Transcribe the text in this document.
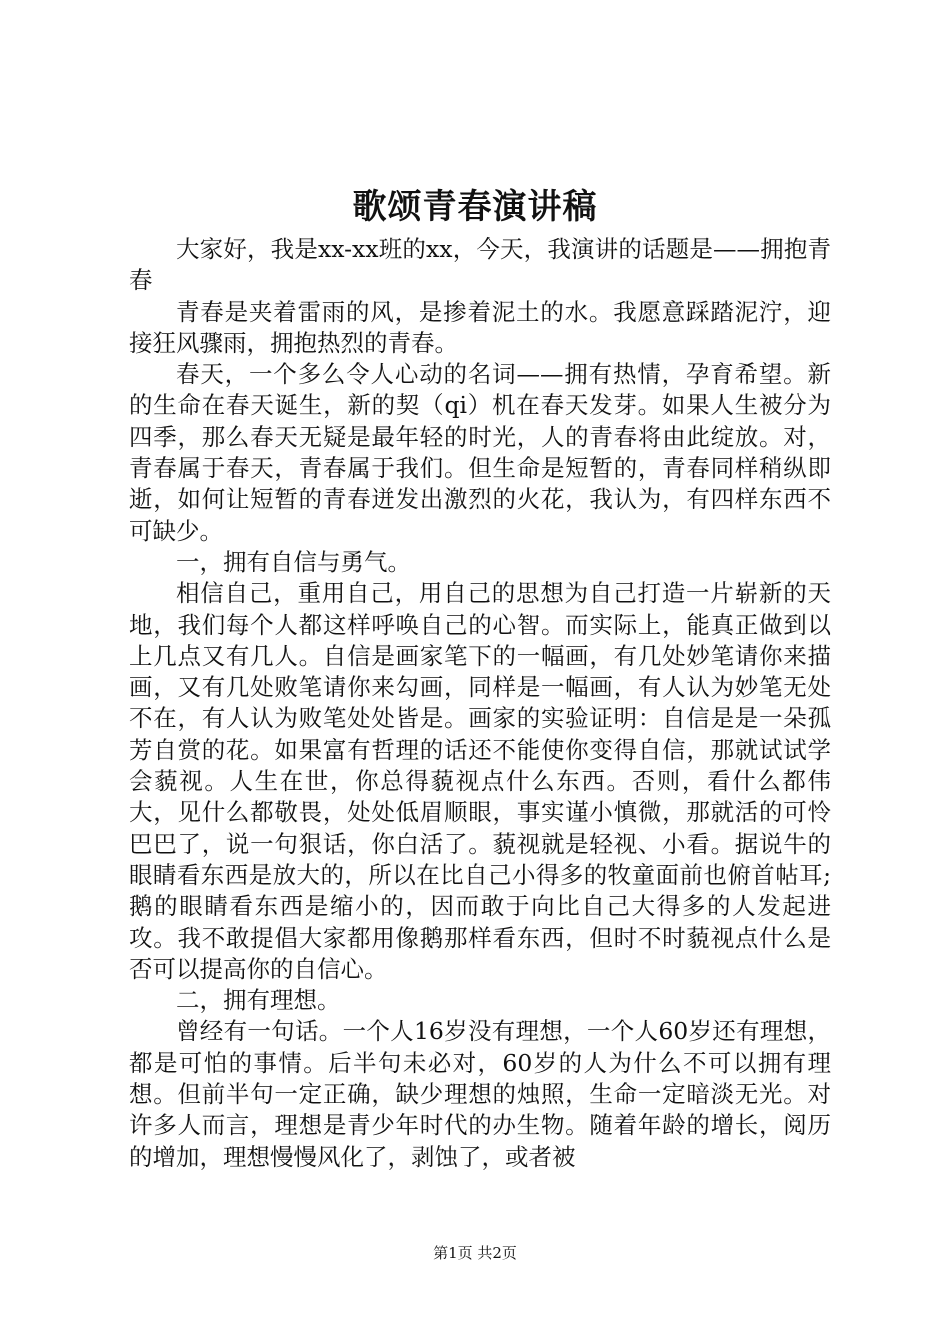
歌颂青春演讲稿

大家好，我是xx-xx班的xx，今天，我演讲的话题是——拥抱青春

青春是夹着雷雨的风，是掺着泥土的水。我愿意踩踏泥泞，迎接狂风骤雨，拥抱热烈的青春。

春天，一个多么令人心动的名词——拥有热情，孕育希望。新的生命在春天诞生，新的契（qi）机在春天发芽。如果人生被分为四季，那么春天无疑是最年轻的时光，人的青春将由此绽放。对，青春属于春天，青春属于我们。但生命是短暂的，青春同样稍纵即逝，如何让短暂的青春迸发出激烈的火花，我认为，有四样东西不可缺少。

一，拥有自信与勇气。

相信自己，重用自己，用自己的思想为自己打造一片崭新的天地，我们每个人都这样呼唤自己的心智。而实际上，能真正做到以上几点又有几人。自信是画家笔下的一幅画，有几处妙笔请你来描画，又有几处败笔请你来勾画，同样是一幅画，有人认为妙笔无处不在，有人认为败笔处处皆是。画家的实验证明：自信是是一朵孤芳自赏的花。如果富有哲理的话还不能使你变得自信，那就试试学会藐视。人生在世，你总得藐视点什么东西。否则，看什么都伟大，见什么都敬畏，处处低眉顺眼，事实谨小慎微，那就活的可怜巴巴了，说一句狠话，你白活了。藐视就是轻视、小看。据说牛的眼睛看东西是放大的，所以在比自己小得多的牧童面前也俯首帖耳;鹅的眼睛看东西是缩小的，因而敢于向比自己大得多的人发起进攻。我不敢提倡大家都用像鹅那样看东西，但时不时藐视点什么是否可以提高你的自信心。

二，拥有理想。

曾经有一句话。一个人16岁没有理想，一个人60岁还有理想，都是可怕的事情。后半句未必对，60岁的人为什么不可以拥有理想。但前半句一定正确，缺少理想的烛照，生命一定暗淡无光。对许多人而言，理想是青少年时代的办生物。随着年龄的增长，阅历的增加，理想慢慢风化了，剥蚀了，或者被

第1页 共2页
